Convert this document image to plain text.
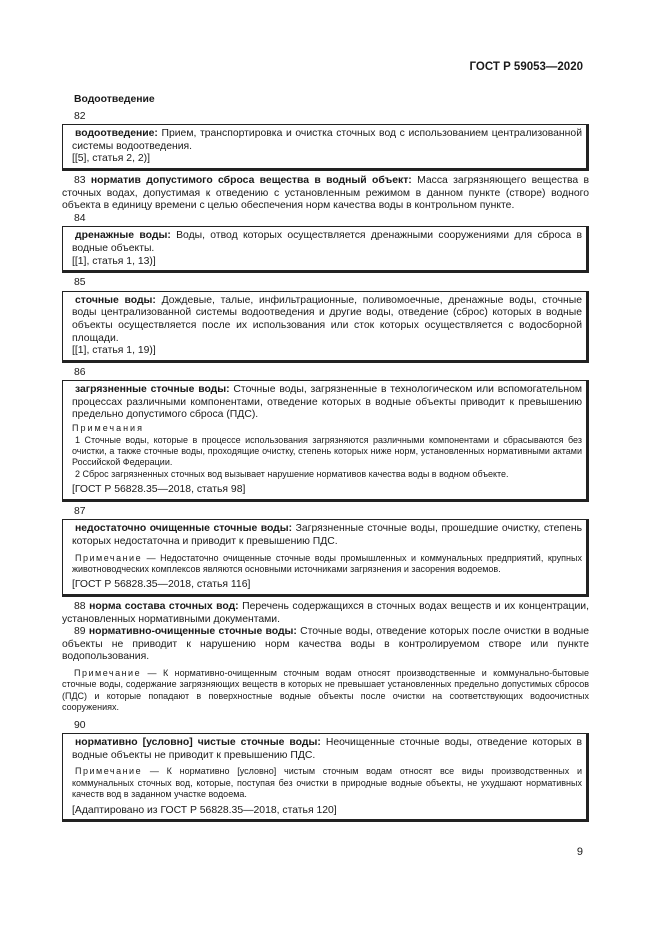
ГОСТ Р 59053—2020
Водоотведение
82

водоотведение: Прием, транспортировка и очистка сточных вод с использованием централизованной системы водоотведения.

[[5], статья 2, 2)]

83 норматив допустимого сброса вещества в водный объект: Масса загрязняющего вещества в сточных водах, допустимая к отведению с установленным режимом в данном пункте (створе) водного объекта в единицу времени с целью обеспечения норм качества воды в контрольном пункте.

84

дренажные воды: Воды, отвод которых осуществляется дренажными сооружениями для сброса в водные объекты.

[[1], статья 1, 13)]

85

сточные воды: Дождевые, талые, инфильтрационные, поливомоечные, дренажные воды, сточные воды централизованной системы водоотведения и другие воды, отведение (сброс) которых в водные объекты осуществляется после их использования или сток которых осуществляется с водосборной площади.

[[1], статья 1, 19)]

86

загрязненные сточные воды: Сточные воды, загрязненные в технологическом или вспомогательном процессах различными компонентами, отведение которых в водные объекты приводит к превышению предельно допустимого сброса (ПДС).

Примечания

1 Сточные воды, которые в процессе использования загрязняются различными компонентами и сбрасываются без очистки, а также сточные воды, проходящие очистку, степень которых ниже норм, установленных нормативными актами Российской Федерации.

2 Сброс загрязненных сточных вод вызывает нарушение нормативов качества воды в водном объекте.

[ГОСТ Р 56828.35—2018, статья 98]

87

недостаточно очищенные сточные воды: Загрязненные сточные воды, прошедшие очистку, степень которых недостаточна и приводит к превышению ПДС.

Примечание — Недостаточно очищенные сточные воды промышленных и коммунальных предприятий, крупных животноводческих комплексов являются основными источниками загрязнения и засорения водоемов.

[ГОСТ Р 56828.35—2018, статья 116]

88 норма состава сточных вод: Перечень содержащихся в сточных водах веществ и их концентрации, установленных нормативными документами.

89 нормативно-очищенные сточные воды: Сточные воды, отведение которых после очистки в водные объекты не приводит к нарушению норм качества воды в контролируемом створе или пункте водопользования.

Примечание — К нормативно-очищенным сточным водам относят производственные и коммунально-бытовые сточные воды, содержание загрязняющих веществ в которых не превышает установленных предельно допустимых сбросов (ПДС) и которые попадают в поверхностные водные объекты после очистки на соответствующих водоочистных сооружениях.

90

нормативно [условно] чистые сточные воды: Неочищенные сточные воды, отведение которых в водные объекты не приводит к превышению ПДС.

Примечание — К нормативно [условно] чистым сточным водам относят все виды производственных и коммунальных сточных вод, которые, поступая без очистки в природные водные объекты, не ухудшают нормативных качеств вод в заданном участке водоема.

[Адаптировано из ГОСТ Р 56828.35—2018, статья 120]

9
